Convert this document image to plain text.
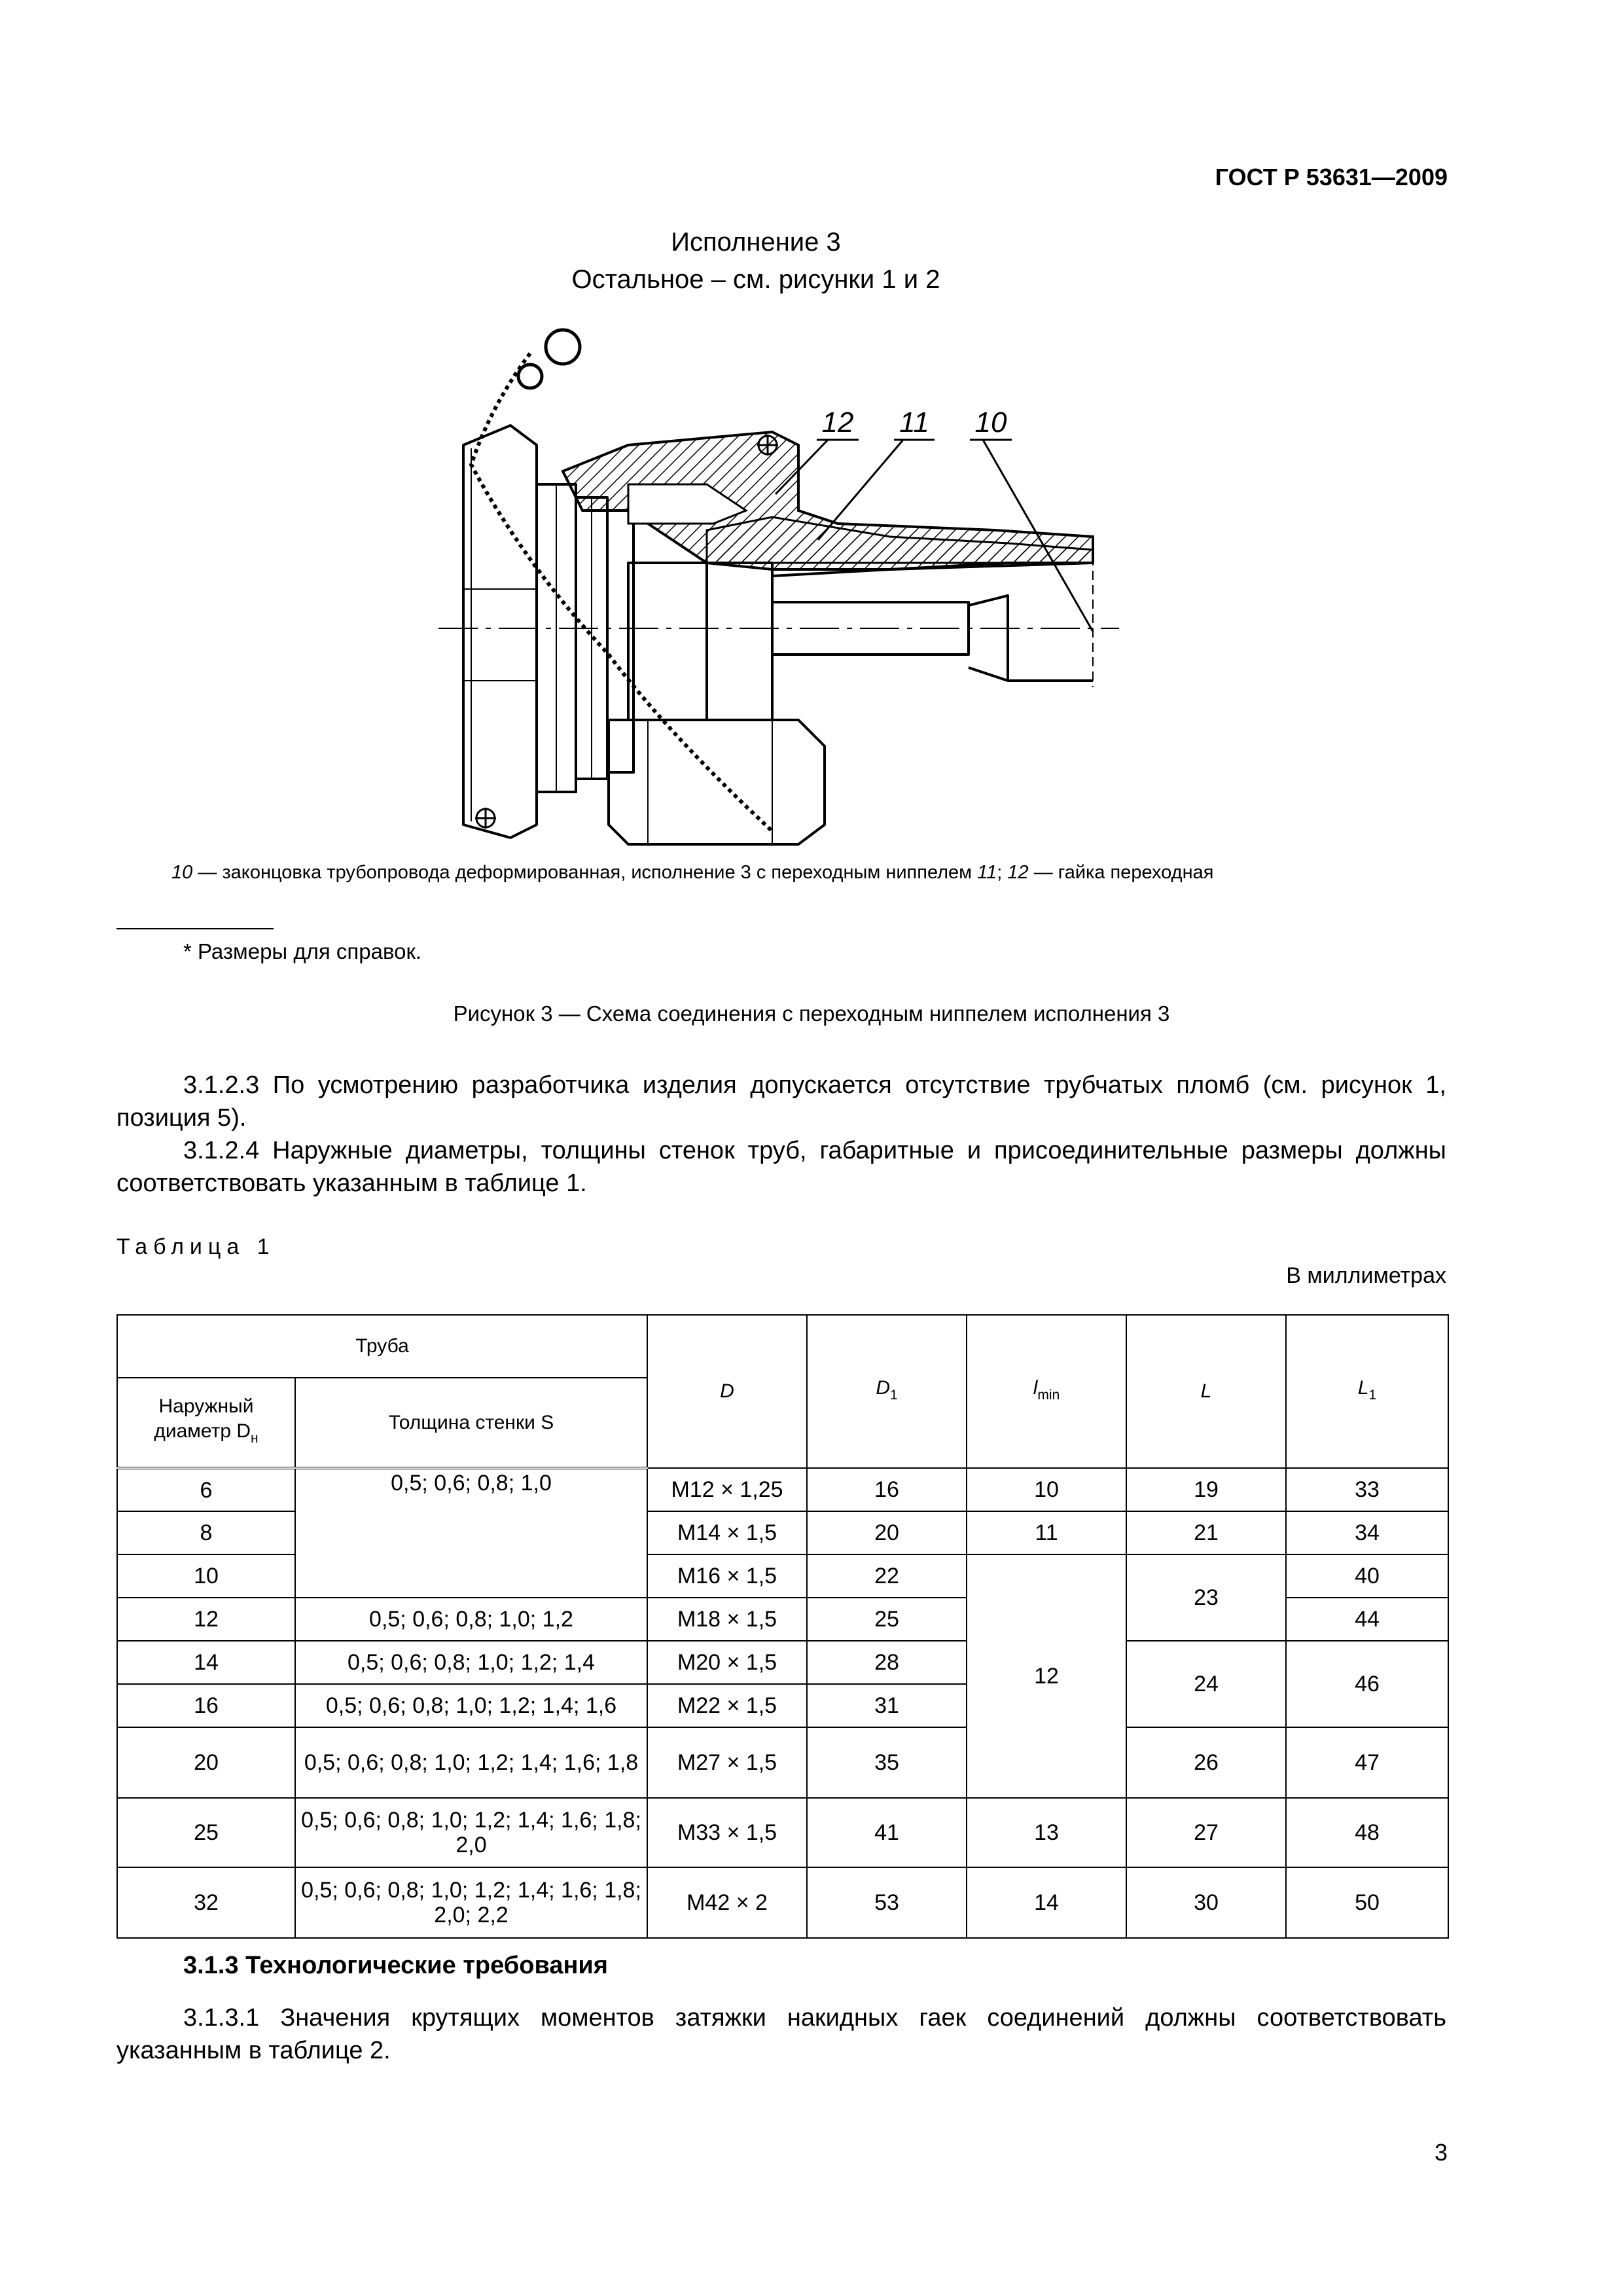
ГОСТ Р 53631—2009
Исполнение 3
Остальное – см. рисунки 1 и 2
12 11 10
10 — законцовка трубопровода деформированная, исполнение 3 с переходным ниппелем 11; 12 — гайка переходная
* Размеры для справок.
Рисунок 3 — Схема соединения с переходным ниппелем исполнения 3
3.1.2.3 По усмотрению разработчика изделия допускается отсутствие трубчатых пломб (см. рисунок 1, позиция 5).
3.1.2.4 Наружные диаметры, толщины стенок труб, габаритные и присоединительные размеры должны соответствовать указанным в таблице 1.
Таблица 1
В миллиметрах
Труба		D	$D_1$	$l_{min}$	L	$L_1$
Наружный диаметр $D_н$	Толщина стенки S					
6	0,5; 0,6; 0,8; 1,0	M12 × 1,25	16	10	19	33
8		M14 × 1,5	20	11	21	34
10		M16 × 1,5	22	12	23	40
12	0,5; 0,6; 0,8; 1,0; 1,2	M18 × 1,5	25			44
14	0,5; 0,6; 0,8; 1,0; 1,2; 1,4	M20 × 1,5	28		24	46
16	0,5; 0,6; 0,8; 1,0; 1,2; 1,4; 1,6	M22 × 1,5	31			
20	0,5; 0,6; 0,8; 1,0; 1,2; 1,4; 1,6; 1,8	M27 × 1,5	35		26	47
25	0,5; 0,6; 0,8; 1,0; 1,2; 1,4; 1,6; 1,8; 2,0	M33 × 1,5	41	13	27	48
32	0,5; 0,6; 0,8; 1,0; 1,2; 1,4; 1,6; 1,8; 2,0; 2,2	M42 × 2	53	14	30	50
3.1.3 Технологические требования
3.1.3.1 Значения крутящих моментов затяжки накидных гаек соединений должны соответствовать указанным в таблице 2.
3
